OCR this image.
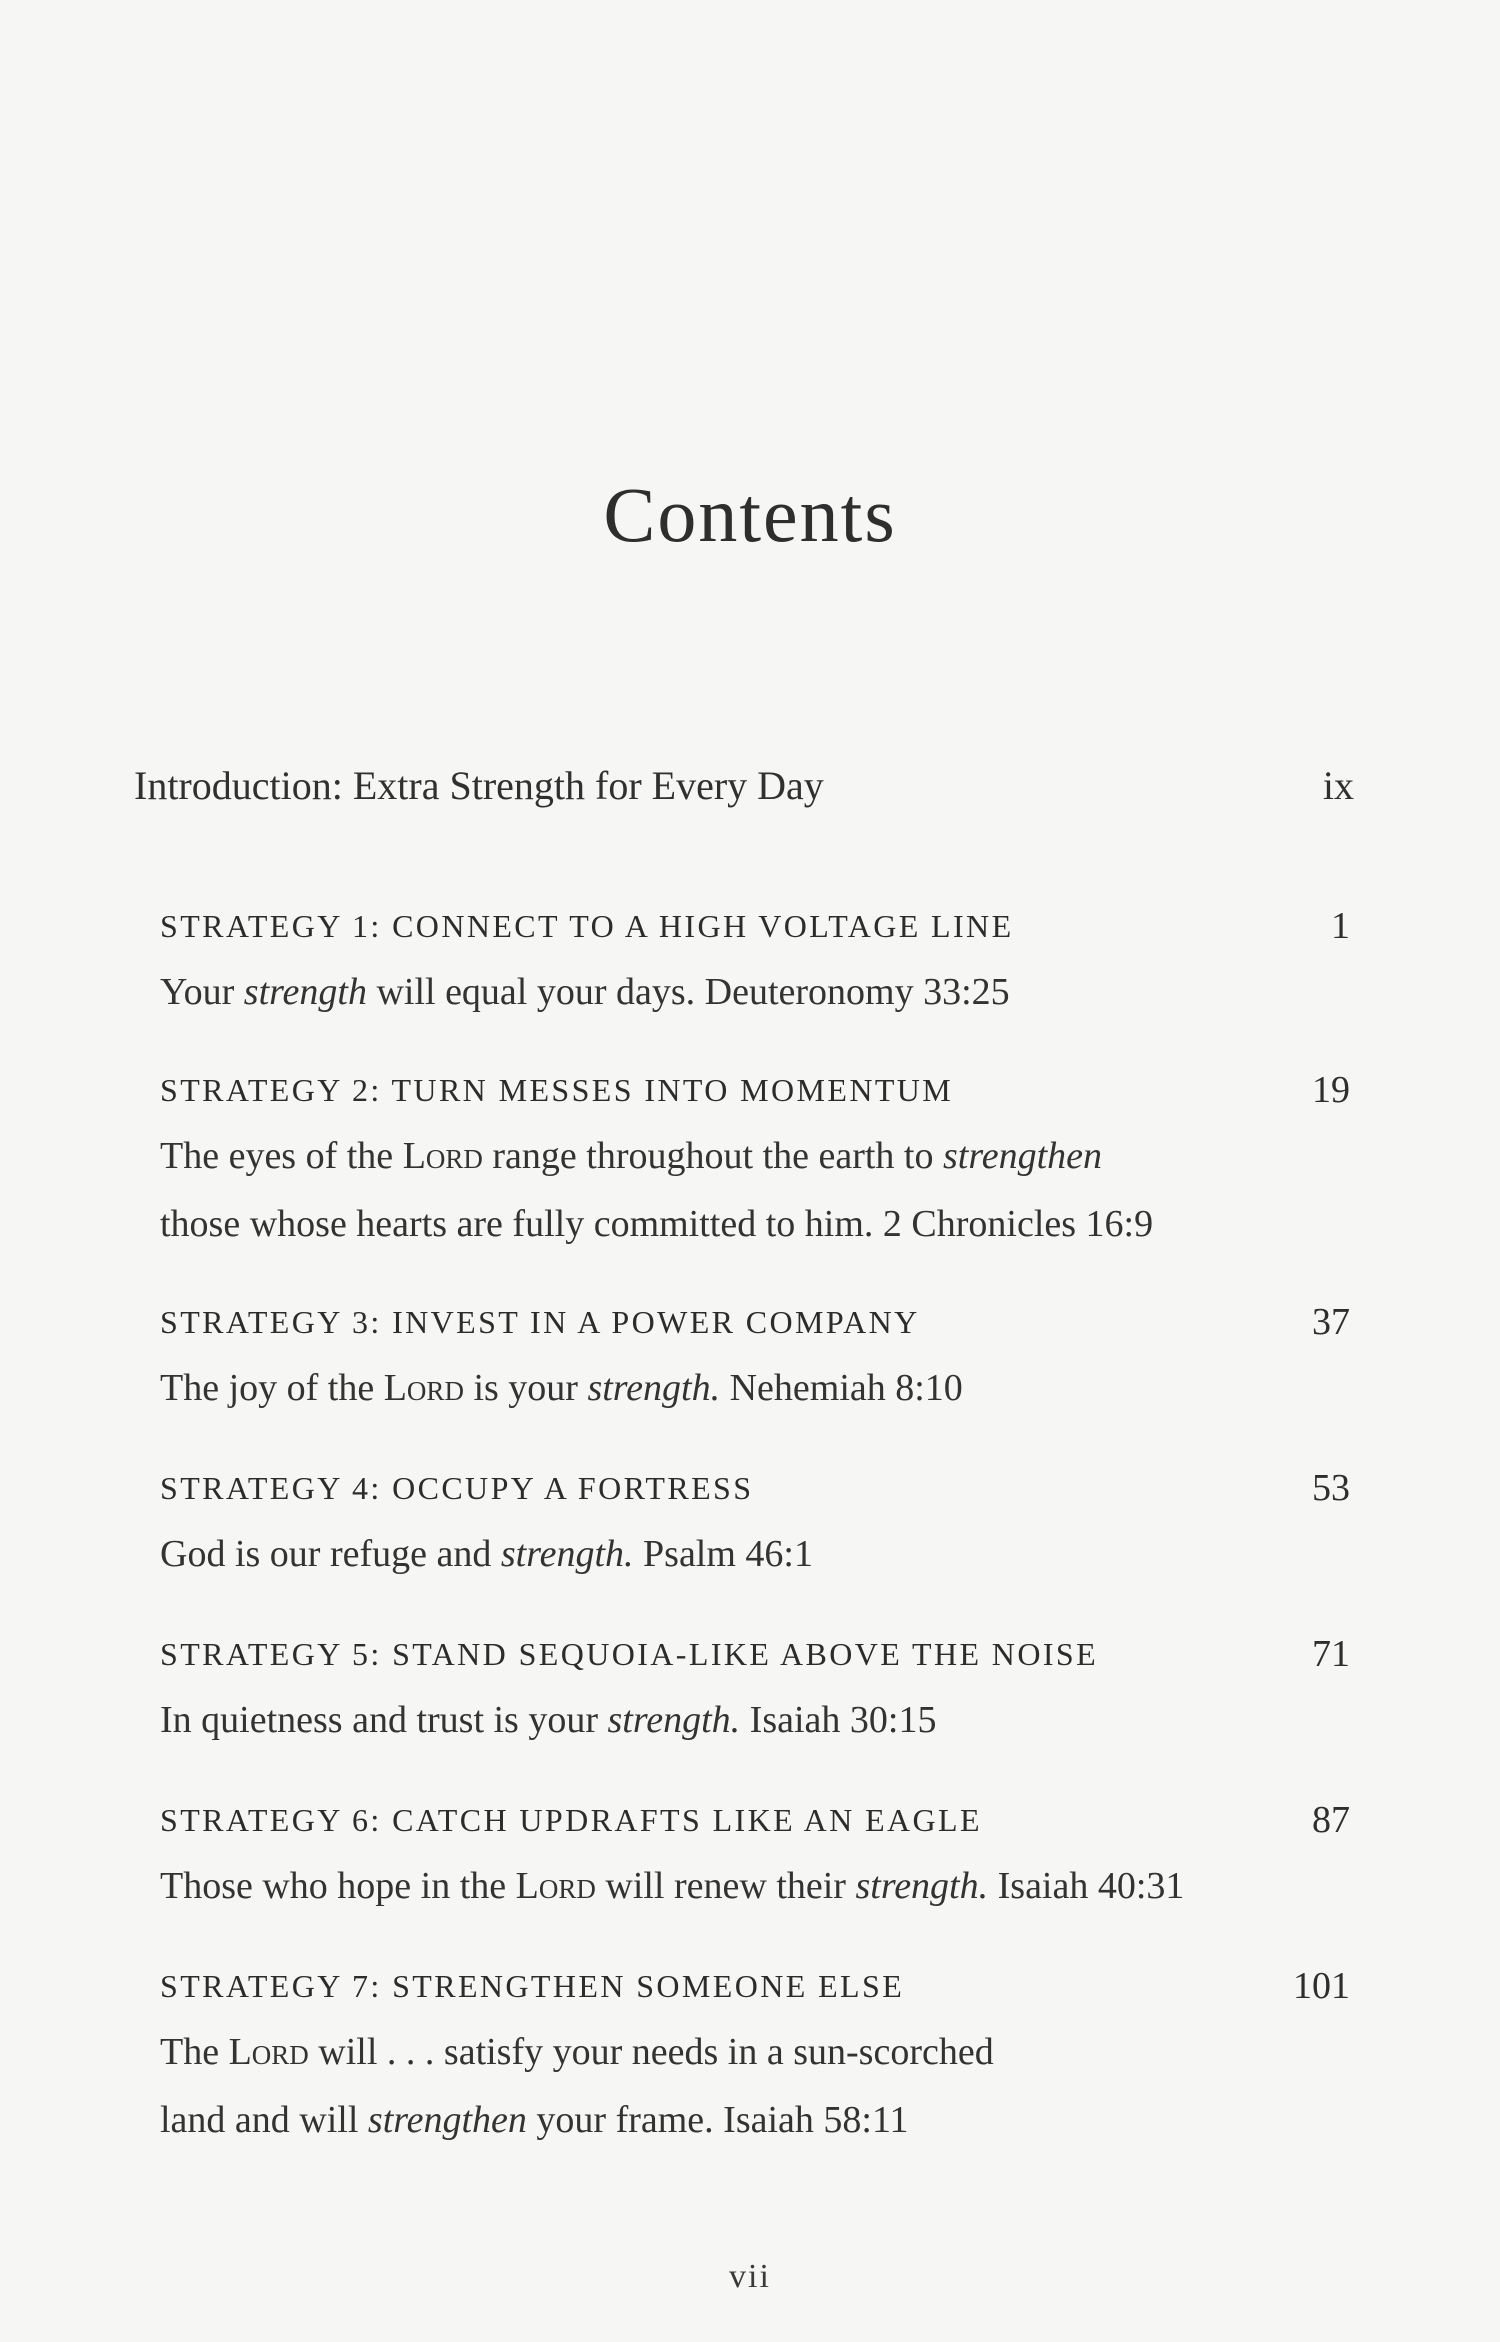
Contents
Introduction: Extra Strength for Every Day	ix
STRATEGY 1: CONNECT TO A HIGH VOLTAGE LINE	1
Your strength will equal your days. Deuteronomy 33:25
STRATEGY 2: TURN MESSES INTO MOMENTUM	19
The eyes of the Lord range throughout the earth to strengthen
those whose hearts are fully committed to him. 2 Chronicles 16:9
STRATEGY 3: INVEST IN A POWER COMPANY	37
The joy of the Lord is your strength. Nehemiah 8:10
STRATEGY 4: OCCUPY A FORTRESS	53
God is our refuge and strength. Psalm 46:1
STRATEGY 5: STAND SEQUOIA-LIKE ABOVE THE NOISE	71
In quietness and trust is your strength. Isaiah 30:15
STRATEGY 6: CATCH UPDRAFTS LIKE AN EAGLE	87
Those who hope in the Lord will renew their strength. Isaiah 40:31
STRATEGY 7: STRENGTHEN SOMEONE ELSE	101
The Lord will . . . satisfy your needs in a sun-scorched
land and will strengthen your frame. Isaiah 58:11
vii
